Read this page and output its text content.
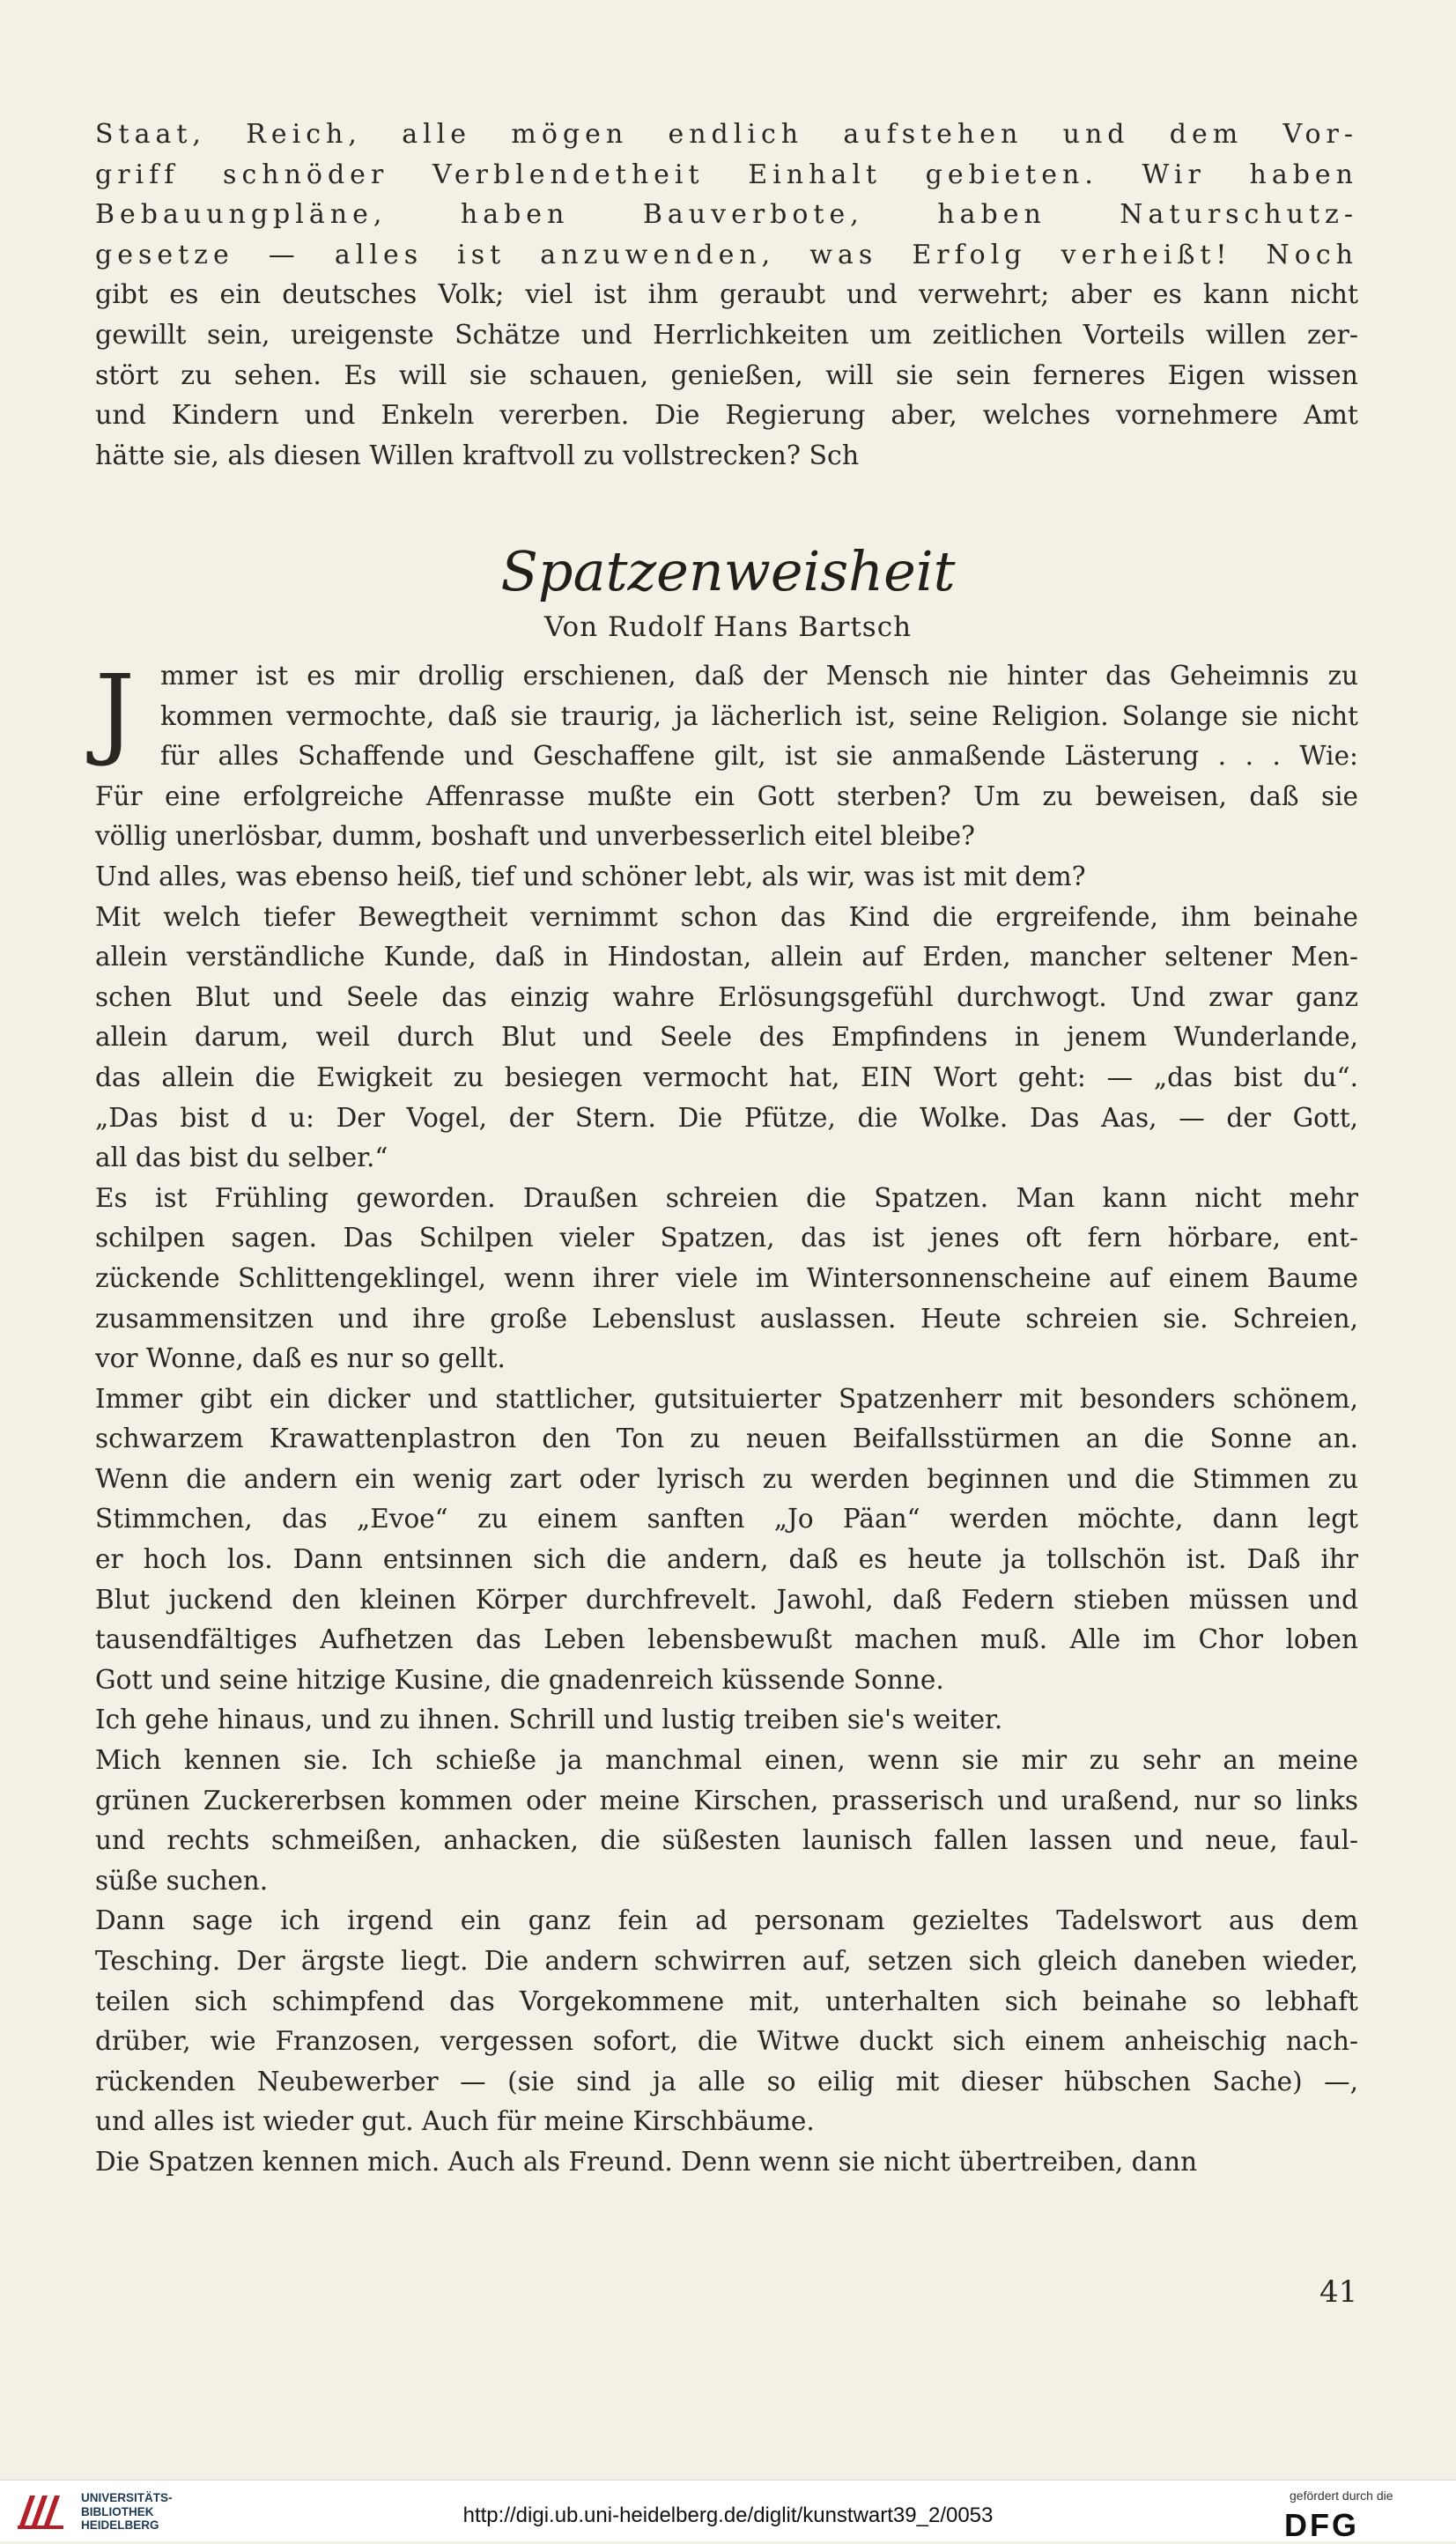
Staat, Reich, alle mögen endlich aufstehen und dem Vor-
griff schnöder Verblendetheit Einhalt gebieten. Wir haben
Bebauungpläne, haben Bauverbote, haben Naturschutz-
gesetze — alles ist anzuwenden, was Erfolg verheißt! Noch
gibt es ein deutsches Volk; viel ist ihm geraubt und verwehrt; aber es kann nicht
gewillt sein, ureigenste Schätze und Herrlichkeiten um zeitlichen Vorteils willen zer-
stört zu sehen. Es will sie schauen, genießen, will sie sein ferneres Eigen wissen
und Kindern und Enkeln vererben. Die Regierung aber, welches vornehmere Amt
hätte sie, als diesen Willen kraftvoll zu vollstrecken? Sch
Spatzenweisheit
Von Rudolf Hans Bartsch
J mmer ist es mir drollig erschienen, daß der Mensch nie hinter das Geheimnis zu
kommen vermochte, daß sie traurig, ja lächerlich ist, seine Religion. Solange sie nicht
für alles Schaffende und Geschaffene gilt, ist sie anmaßende Lästerung . . . Wie:
Für eine erfolgreiche Affenrasse mußte ein Gott sterben? Um zu beweisen, daß sie
völlig unerlösbar, dumm, boshaft und unverbesserlich eitel bleibe?
Und alles, was ebenso heiß, tief und schöner lebt, als wir, was ist mit dem?
Mit welch tiefer Bewegtheit vernimmt schon das Kind die ergreifende, ihm beinahe
allein verständliche Kunde, daß in Hindostan, allein auf Erden, mancher seltener Men-
schen Blut und Seele das einzig wahre Erlösungsgefühl durchwogt. Und zwar ganz
allein darum, weil durch Blut und Seele des Empfindens in jenem Wunderlande,
das allein die Ewigkeit zu besiegen vermocht hat, EIN Wort geht: — „das bist du“.
„Das bist d u: Der Vogel, der Stern. Die Pfütze, die Wolke. Das Aas, — der Gott,
all das bist du selber.“
Es ist Frühling geworden. Draußen schreien die Spatzen. Man kann nicht mehr
schilpen sagen. Das Schilpen vieler Spatzen, das ist jenes oft fern hörbare, ent-
zückende Schlittengeklingel, wenn ihrer viele im Wintersonnenscheine auf einem Baume
zusammensitzen und ihre große Lebenslust auslassen. Heute schreien sie. Schreien,
vor Wonne, daß es nur so gellt.
Immer gibt ein dicker und stattlicher, gutsituierter Spatzenherr mit besonders schönem,
schwarzem Krawattenplastron den Ton zu neuen Beifallsstürmen an die Sonne an.
Wenn die andern ein wenig zart oder lyrisch zu werden beginnen und die Stimmen zu
Stimmchen, das „Evoe“ zu einem sanften „Jo Päan“ werden möchte, dann legt
er hoch los. Dann entsinnen sich die andern, daß es heute ja tollschön ist. Daß ihr
Blut juckend den kleinen Körper durchfrevelt. Jawohl, daß Federn stieben müssen und
tausendfältiges Aufhetzen das Leben lebensbewußt machen muß. Alle im Chor loben
Gott und seine hitzige Kusine, die gnadenreich küssende Sonne.
Ich gehe hinaus, und zu ihnen. Schrill und lustig treiben sie's weiter.
Mich kennen sie. Ich schieße ja manchmal einen, wenn sie mir zu sehr an meine
grünen Zuckererbsen kommen oder meine Kirschen, prasserisch und uraßend, nur so links
und rechts schmeißen, anhacken, die süßesten launisch fallen lassen und neue, faul-
süße suchen.
Dann sage ich irgend ein ganz fein ad personam gezieltes Tadelswort aus dem
Tesching. Der ärgste liegt. Die andern schwirren auf, setzen sich gleich daneben wieder,
teilen sich schimpfend das Vorgekommene mit, unterhalten sich beinahe so lebhaft
drüber, wie Franzosen, vergessen sofort, die Witwe duckt sich einem anheischig nach-
rückenden Neubewerber — (sie sind ja alle so eilig mit dieser hübschen Sache) —,
und alles ist wieder gut. Auch für meine Kirschbäume.
Die Spatzen kennen mich. Auch als Freund. Denn wenn sie nicht übertreiben, dann
41
UNIVERSITÄTS- BIBLIOTHEK HEIDELBERG	http://digi.ub.uni-heidelberg.de/diglit/kunstwart39_2/0053
gefördert durch die
DFG
